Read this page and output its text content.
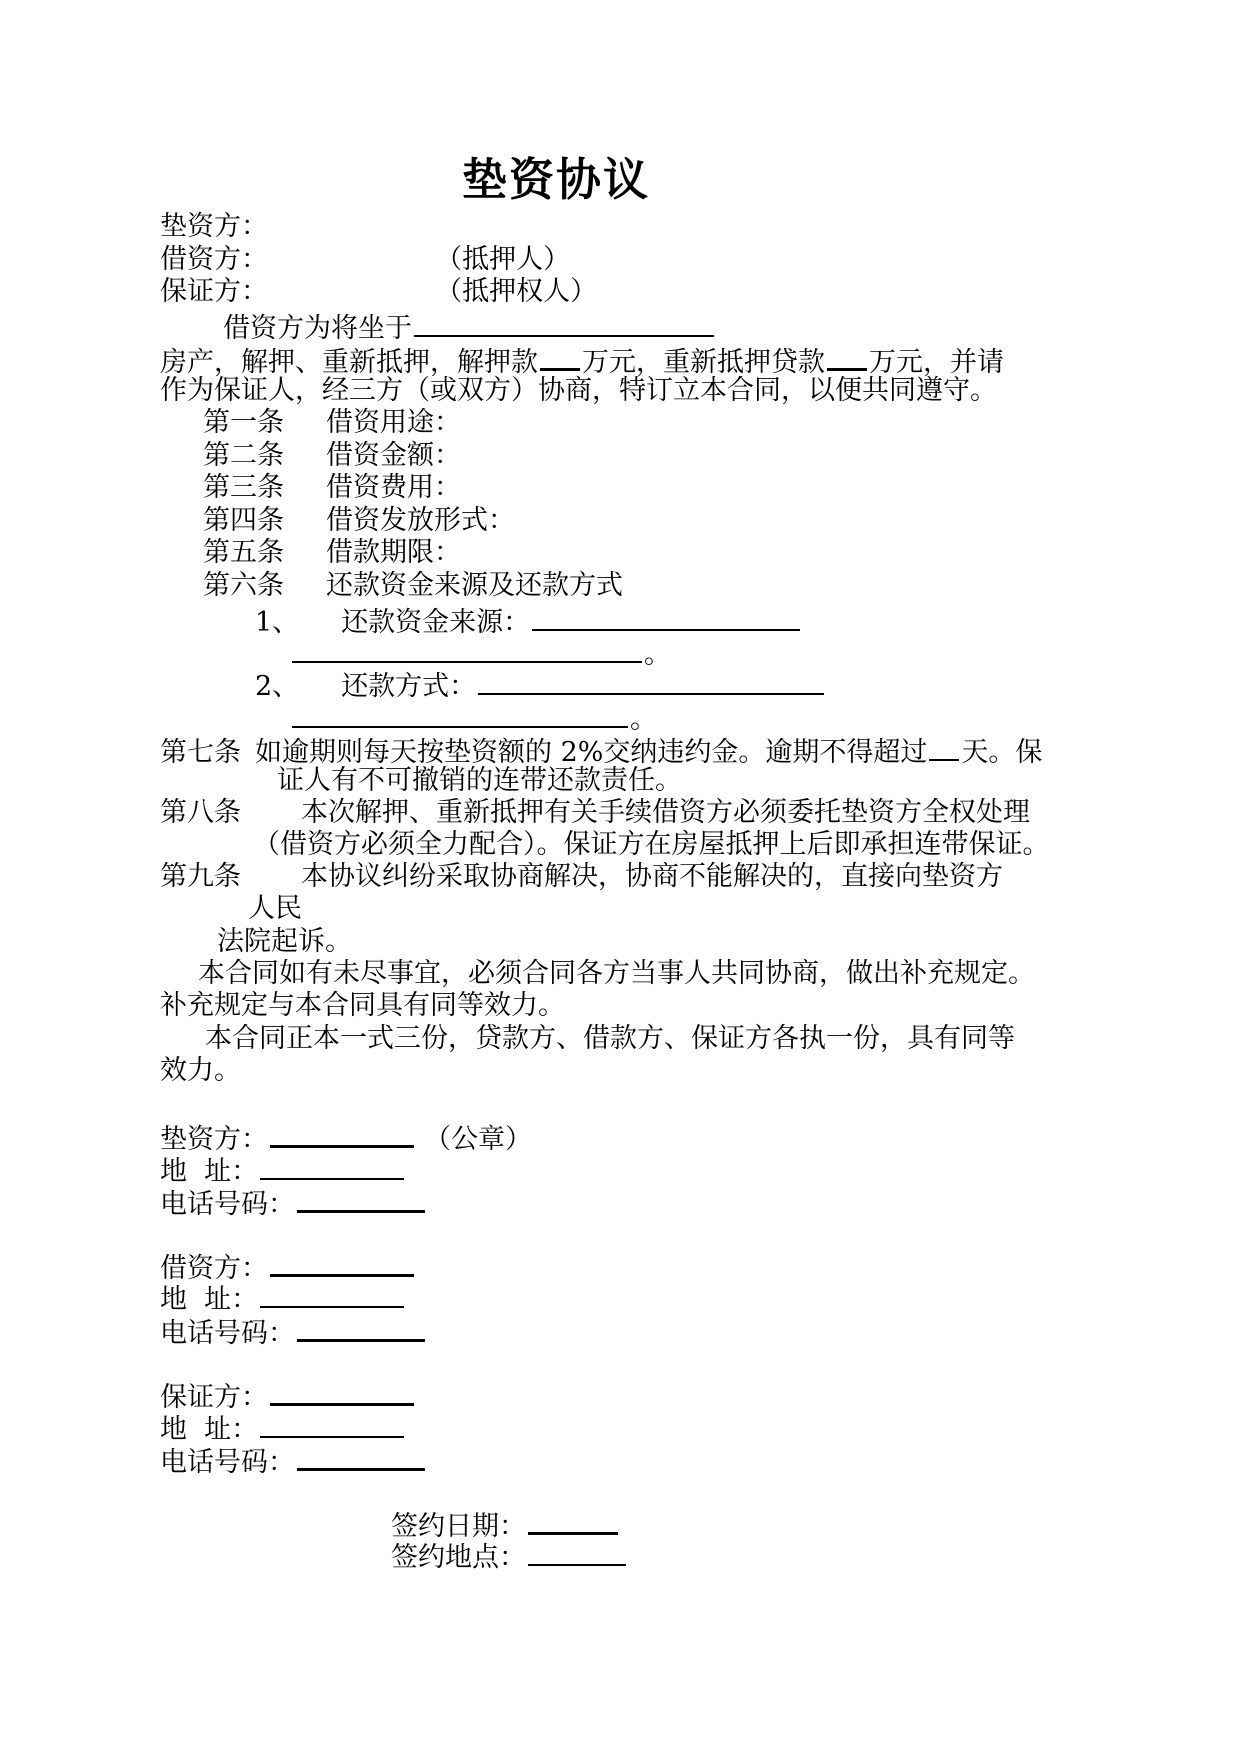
垫资协议
垫资方：
借资方：	（抵押人）
保证方：	（抵押权人）
借资方为将坐于
房产，解押、重新抵押，解押款 万元，重新抵押贷款 万元，并请
作为保证人，经三方（或双方）协商，特订立本合同，以便共同遵守。
第一条 借资用途：
第二条 借资金额：
第三条 借资费用：
第四条 借资发放形式：
第五条 借款期限：
第六条 还款资金来源及还款方式
1、 还款资金来源：
。
2、 还款方式：
。
第七条 如逾期则每天按垫资额的 2%交纳违约金。逾期不得超过 天。保
证人有不可撤销的连带还款责任。
第八条 本次解押、重新抵押有关手续借资方必须委托垫资方全权处理
（借资方必须全力配合）。保证方在房屋抵押上后即承担连带保证。
第九条 本协议纠纷采取协商解决，协商不能解决的，直接向垫资方
人民
法院起诉。
本合同如有未尽事宜，必须合同各方当事人共同协商，做出补充规定。
补充规定与本合同具有同等效力。
本合同正本一式三份，贷款方、借款方、保证方各执一份，具有同等
效力。
垫资方：	（公章）
地  址：
电话号码：
借资方：
地  址：
电话号码：
保证方：
地  址：
电话号码：
签约日期：
签约地点：
